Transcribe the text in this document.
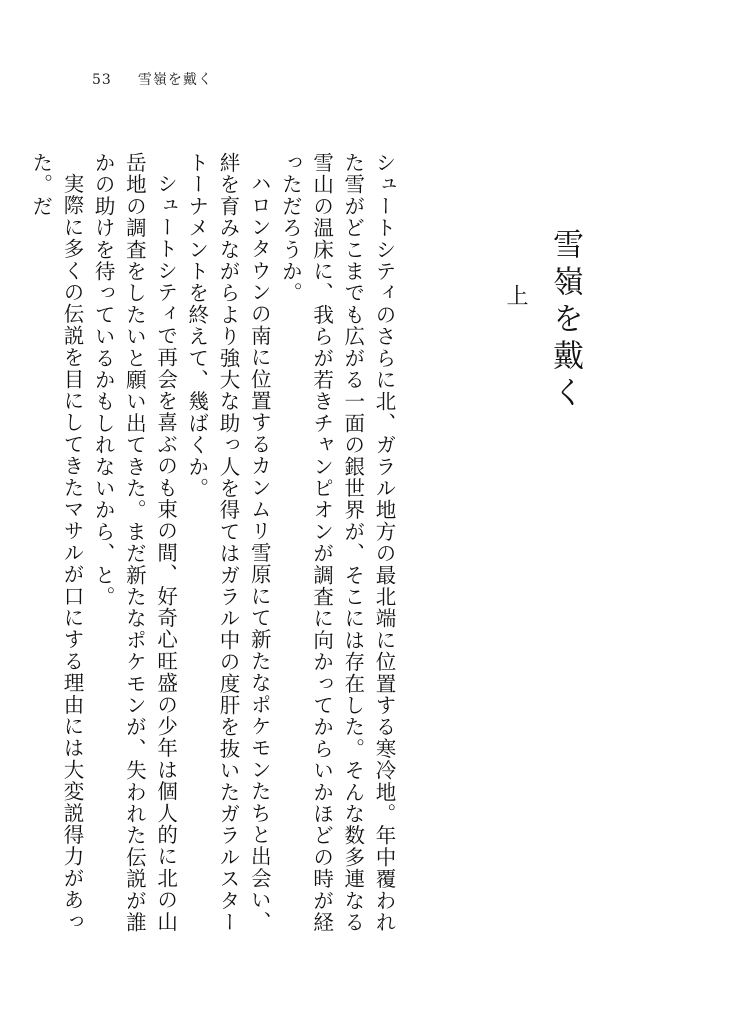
53 雪嶺を戴く
雪嶺を戴く
上
シュートシティのさらに北、ガラル地方の最北端に位置する寒冷地。年中覆われた雪がどこまでも広がる一面の銀世界が、そこには存在した。そんな数多連なる雪山の温床に、我らが若きチャンピオンが調査に向かってからいかほどの時が経っただろうか。
ハロンタウンの南に位置するカンムリ雪原にて新たなポケモンたちと出会い、絆を育みながらより強大な助っ人を得てはガラル中の度肝を抜いたガラルスタートーナメントを終えて、幾ばくか。
シュートシティで再会を喜ぶのも束の間、好奇心旺盛の少年は個人的に北の山岳地の調査をしたいと願い出てきた。まだ新たなポケモンが、失われた伝説が誰かの助けを待っているかもしれないから、と。
実際に多くの伝説を目にしてきたマサルが口にする理由には大変説得力があった。だ
